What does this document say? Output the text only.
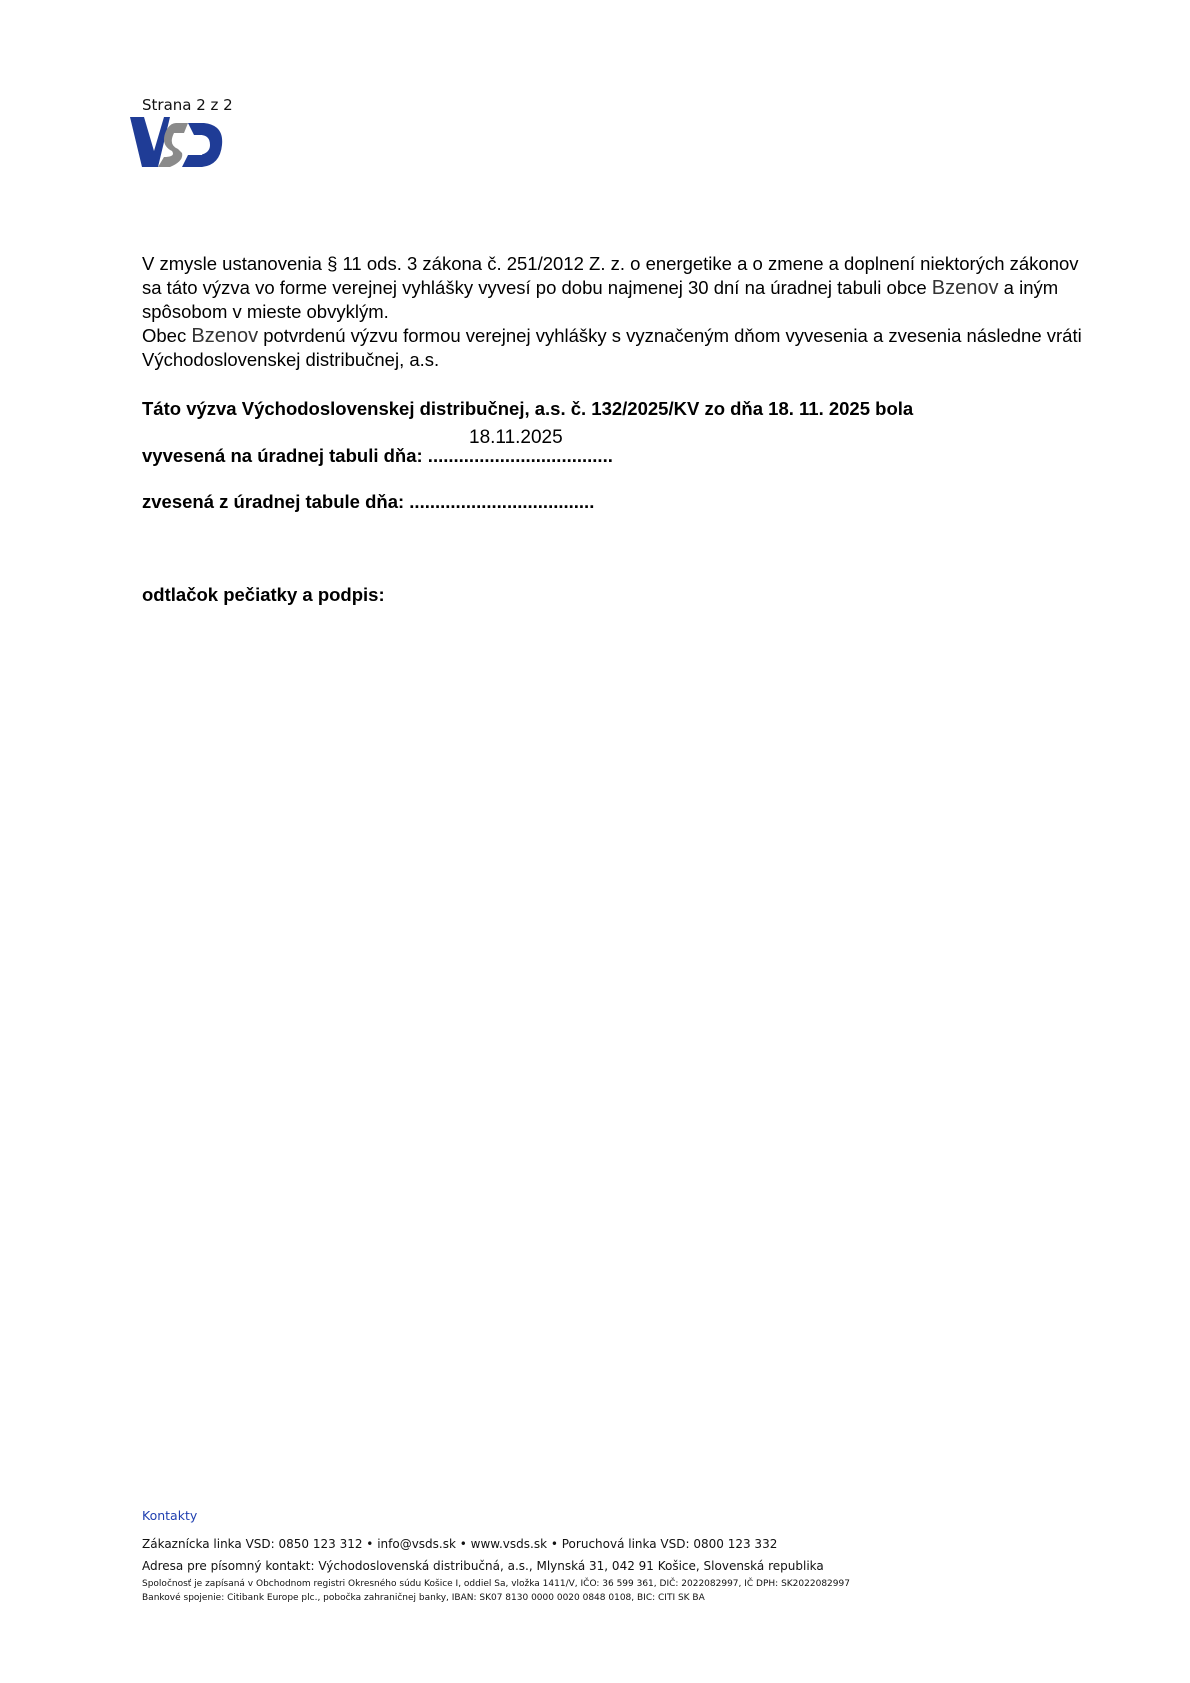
Strana 2 z 2

V zmysle ustanovenia § 11 ods. 3 zákona č. 251/2012 Z. z. o energetike a o zmene a doplnení niektorých zákonov sa táto výzva vo forme verejnej vyhlášky vyvesí po dobu najmenej 30 dní na úradnej tabuli obce Bzenov a iným spôsobom v mieste obvyklým.

Obec Bzenov potvrdenú výzvu formou verejnej vyhlášky s vyznačeným dňom vyvesenia a zvesenia následne vráti Východoslovenskej distribučnej, a.s.

Táto výzva Východoslovenskej distribučnej, a.s. č. 132/2025/KV zo dňa 18. 11. 2025 bola
18.11.2025
vyvesená na úradnej tabuli dňa: ....................................
zvesená z úradnej tabule dňa: ....................................
odtlačok pečiatky a podpis:
Kontakty
Zákaznícka linka VSD: 0850 123 312 • info@vsds.sk • www.vsds.sk • Poruchová linka VSD: 0800 123 332
Adresa pre písomný kontakt: Východoslovenská distribučná, a.s., Mlynská 31, 042 91 Košice, Slovenská republika
Spoločnosť je zapísaná v Obchodnom registri Okresného súdu Košice I, oddiel Sa, vložka 1411/V, IČO: 36 599 361, DIČ: 2022082997, IČ DPH: SK2022082997
Bankové spojenie: Citibank Europe plc., pobočka zahraničnej banky, IBAN: SK07 8130 0000 0020 0848 0108, BIC: CITI SK BA
